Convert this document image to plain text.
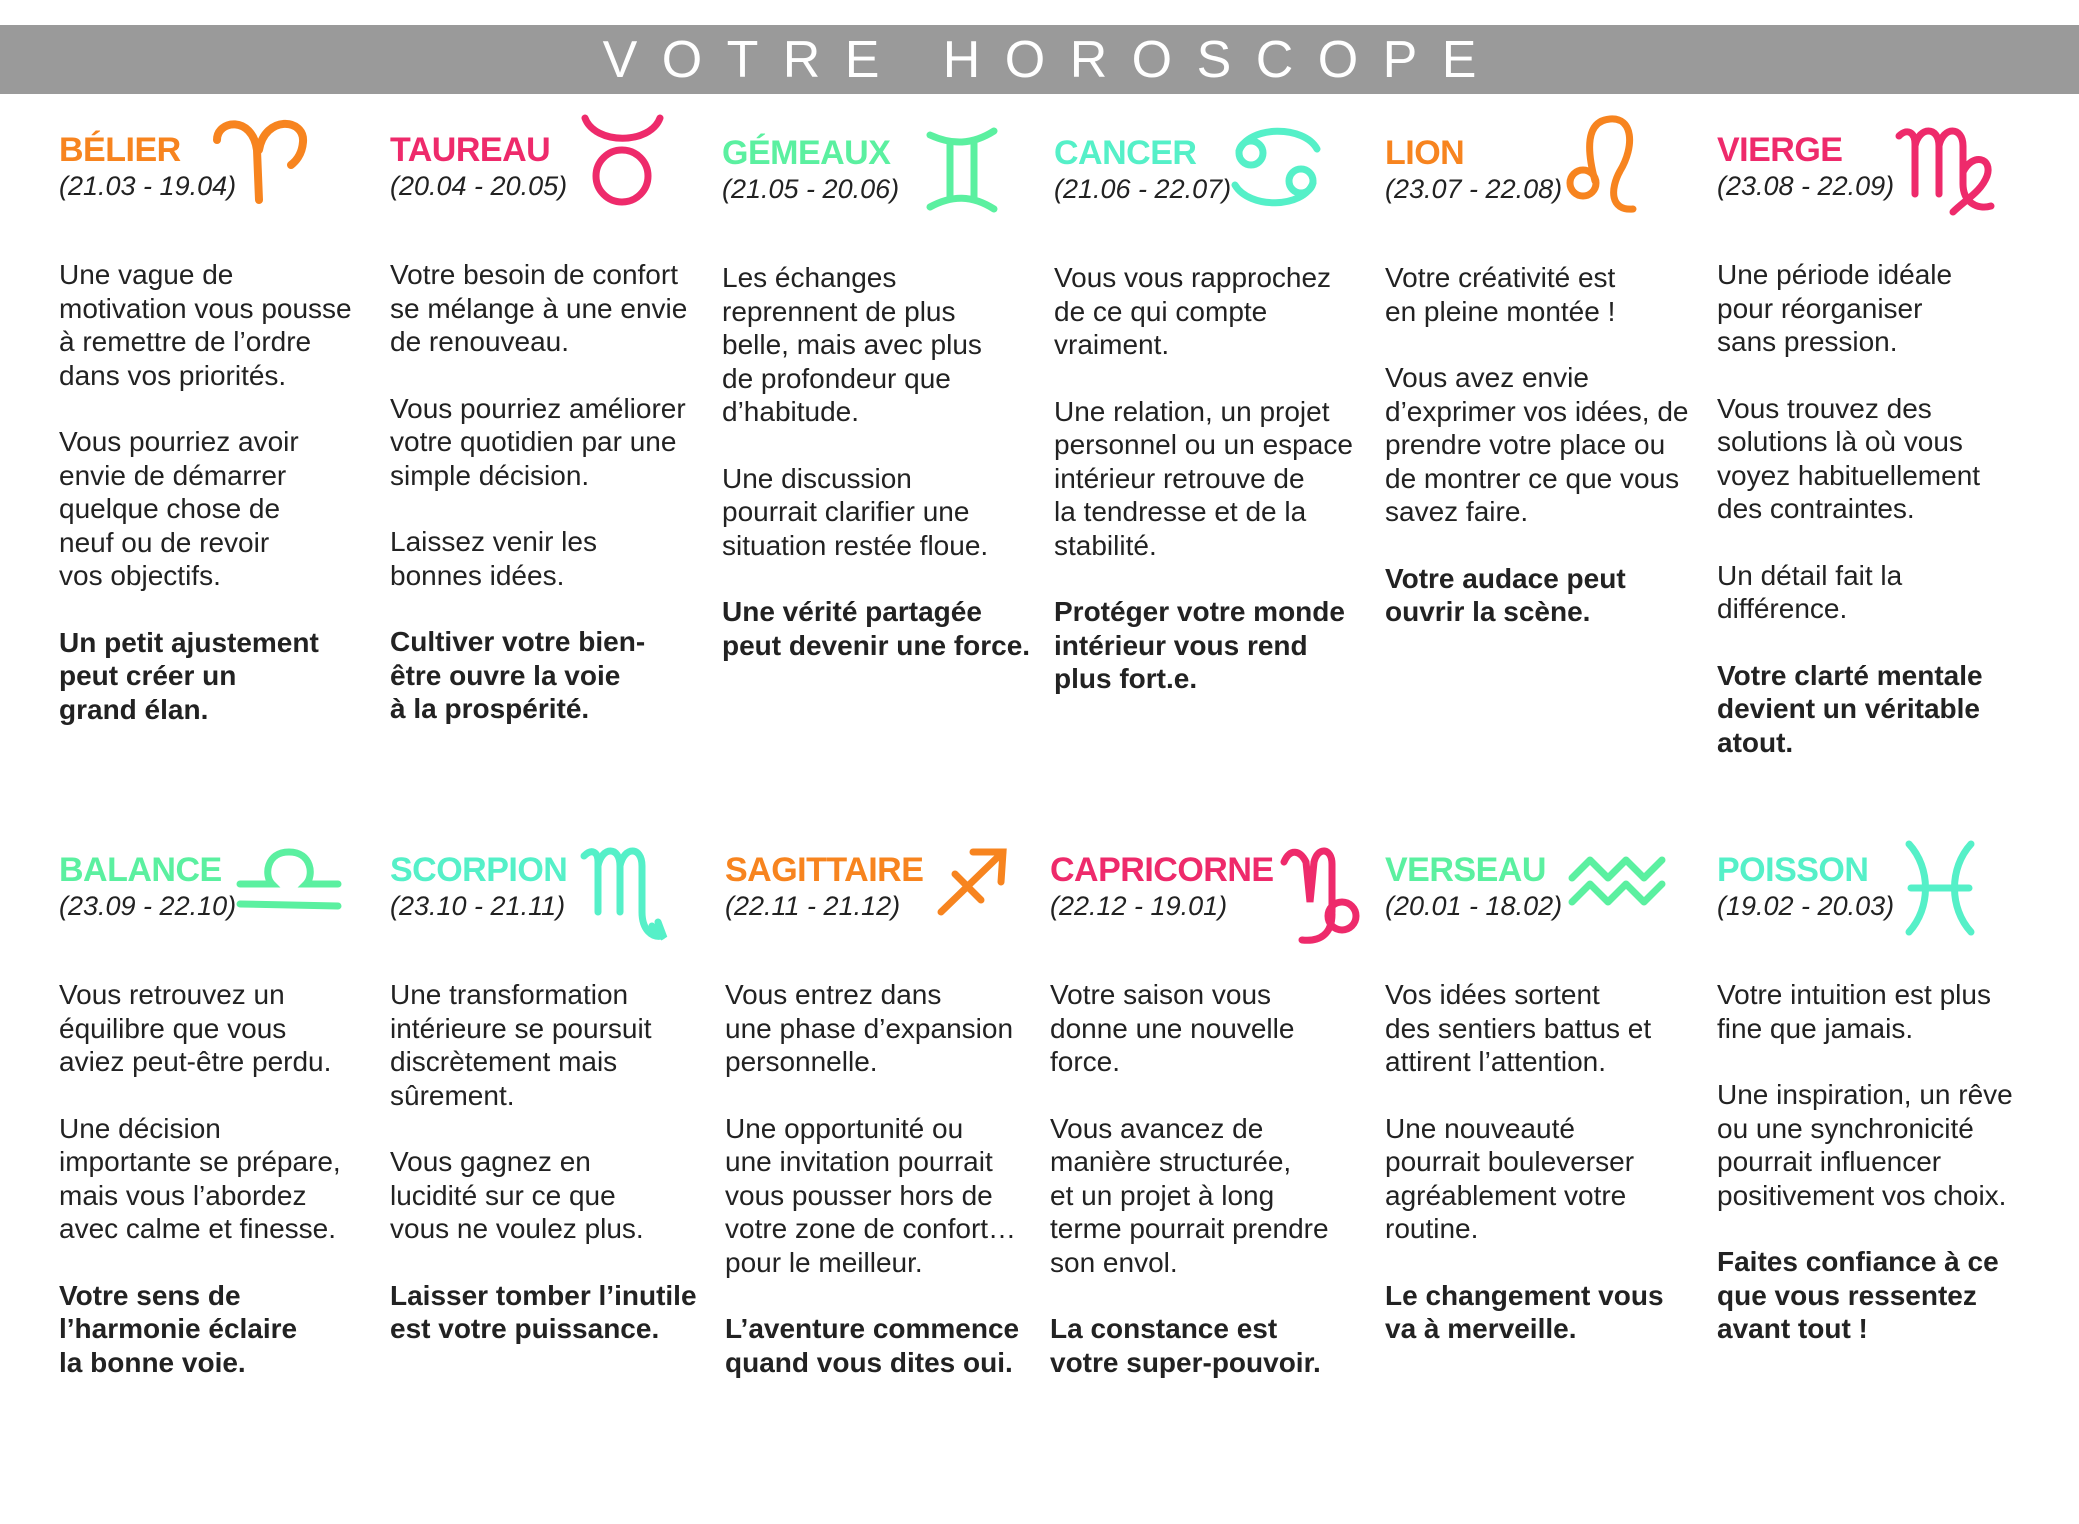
VOTRE HOROSCOPE
BÉLIER
(21.03 - 19.04)

Une vague de
motivation vous pousse
à remettre de l’ordre
dans vos priorités.

Vous pourriez avoir
envie de démarrer
quelque chose de
neuf ou de revoir
vos objectifs.

Un petit ajustement
peut créer un
grand élan.

TAUREAU
(20.04 - 20.05)

Votre besoin de confort
se mélange à une envie
de renouveau.

Vous pourriez améliorer
votre quotidien par une
simple décision.

Laissez venir les
bonnes idées.

Cultiver votre bien-
être ouvre la voie
à la prospérité.

GÉMEAUX
(21.05 - 20.06)

Les échanges
reprennent de plus
belle, mais avec plus
de profondeur que
d’habitude.

Une discussion
pourrait clarifier une
situation restée floue.

Une vérité partagée
peut devenir une force.

CANCER
(21.06 - 22.07)

Vous vous rapprochez
de ce qui compte
vraiment.

Une relation, un projet
personnel ou un espace
intérieur retrouve de
la tendresse et de la
stabilité.

Protéger votre monde
intérieur vous rend
plus fort.e.

LION
(23.07 - 22.08)

Votre créativité est
en pleine montée !

Vous avez envie
d’exprimer vos idées, de
prendre votre place ou
de montrer ce que vous
savez faire.

Votre audace peut
ouvrir la scène.

VIERGE
(23.08 - 22.09)

Une période idéale
pour réorganiser
sans pression.

Vous trouvez des
solutions là où vous
voyez habituellement
des contraintes.

Un détail fait la
différence.

Votre clarté mentale
devient un véritable
atout.

BALANCE
(23.09 - 22.10)

Vous retrouvez un
équilibre que vous
aviez peut-être perdu.

Une décision
importante se prépare,
mais vous l’abordez
avec calme et finesse.

Votre sens de
l’harmonie éclaire
la bonne voie.

SCORPION
(23.10 - 21.11)

Une transformation
intérieure se poursuit
discrètement mais
sûrement.

Vous gagnez en
lucidité sur ce que
vous ne voulez plus.

Laisser tomber l’inutile
est votre puissance.

SAGITTAIRE
(22.11 - 21.12)

Vous entrez dans
une phase d’expansion
personnelle.

Une opportunité ou
une invitation pourrait
vous pousser hors de
votre zone de confort…
pour le meilleur.

L’aventure commence
quand vous dites oui.

CAPRICORNE
(22.12 - 19.01)

Votre saison vous
donne une nouvelle
force.

Vous avancez de
manière structurée,
et un projet à long
terme pourrait prendre
son envol.

La constance est
votre super-pouvoir.

VERSEAU
(20.01 - 18.02)

Vos idées sortent
des sentiers battus et
attirent l’attention.

Une nouveauté
pourrait bouleverser
agréablement votre
routine.

Le changement vous
va à merveille.

POISSON
(19.02 - 20.03)

Votre intuition est plus
fine que jamais.

Une inspiration, un rêve
ou une synchronicité
pourrait influencer
positivement vos choix.

Faites confiance à ce
que vous ressentez
avant tout !
